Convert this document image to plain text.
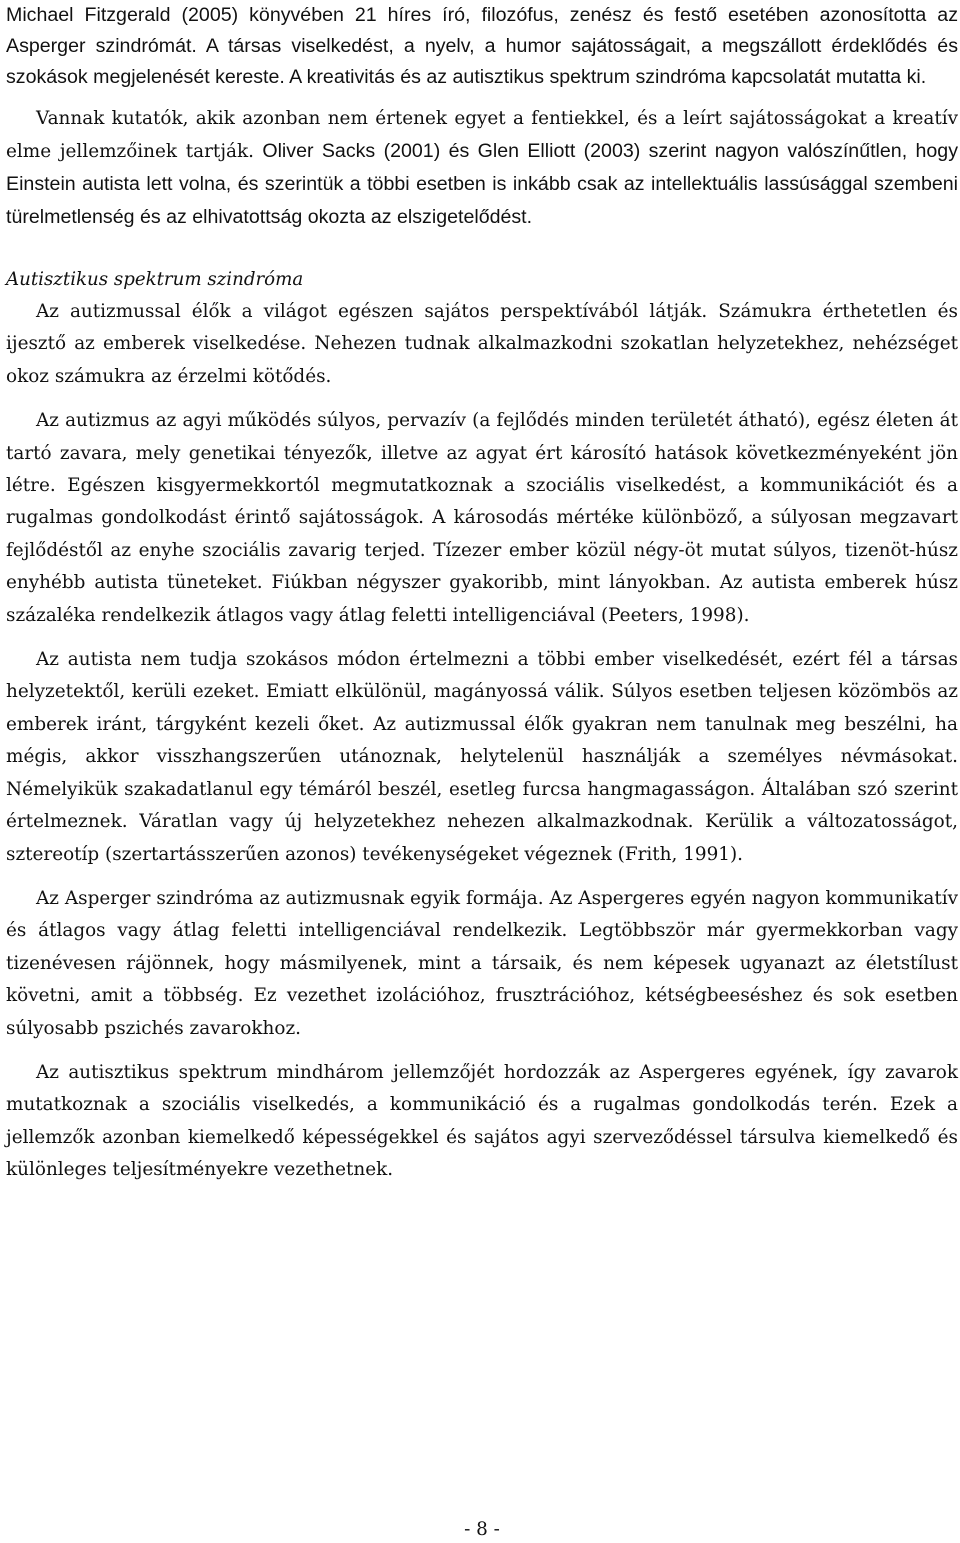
Michael Fitzgerald (2005) könyvében 21 híres író, filozófus, zenész és festő esetében azonosította az Asperger szindrómát. A társas viselkedést, a nyelv, a humor sajátosságait, a megszállott érdeklődés és szokások megjelenését kereste. A kreativitás és az autisztikus spektrum szindróma kapcsolatát mutatta ki.

Vannak kutatók, akik azonban nem értenek egyet a fentiekkel, és a leírt sajátosságokat a kreatív elme jellemzőinek tartják. Oliver Sacks (2001) és Glen Elliott (2003) szerint nagyon valószínűtlen, hogy Einstein autista lett volna, és szerintük a többi esetben is inkább csak az intellektuális lassúsággal szembeni türelmetlenség és az elhivatottság okozta az elszigetelődést.

Autisztikus spektrum szindróma

Az autizmussal élők a világot egészen sajátos perspektívából látják. Számukra érthetetlen és ijesztő az emberek viselkedése. Nehezen tudnak alkalmazkodni szokatlan helyzetekhez, nehézséget okoz számukra az érzelmi kötődés.

Az autizmus az agyi működés súlyos, pervazív (a fejlődés minden területét átható), egész életen át tartó zavara, mely genetikai tényezők, illetve az agyat ért károsító hatások következményeként jön létre. Egészen kisgyermekkortól megmutatkoznak a szociális viselkedést, a kommunikációt és a rugalmas gondolkodást érintő sajátosságok. A károsodás mértéke különböző, a súlyosan megzavart fejlődéstől az enyhe szociális zavarig terjed. Tízezer ember közül négy-öt mutat súlyos, tizenöt-húsz enyhébb autista tüneteket. Fiúkban négyszer gyakoribb, mint lányokban. Az autista emberek húsz százaléka rendelkezik átlagos vagy átlag feletti intelligenciával (Peeters, 1998).

Az autista nem tudja szokásos módon értelmezni a többi ember viselkedését, ezért fél a társas helyzetektől, kerüli ezeket. Emiatt elkülönül, magányossá válik. Súlyos esetben teljesen közömbös az emberek iránt, tárgyként kezeli őket. Az autizmussal élők gyakran nem tanulnak meg beszélni, ha mégis, akkor visszhangszerűen utánoznak, helytelenül használják a személyes névmásokat. Némelyikük szakadatlanul egy témáról beszél, esetleg furcsa hangmagasságon. Általában szó szerint értelmeznek. Váratlan vagy új helyzetekhez nehezen alkalmazkodnak. Kerülik a változatosságot, sztereotíp (szertartásszerűen azonos) tevékenységeket végeznek (Frith, 1991).

Az Asperger szindróma az autizmusnak egyik formája. Az Aspergeres egyén nagyon kommunikatív és átlagos vagy átlag feletti intelligenciával rendelkezik. Legtöbbször már gyermekkorban vagy tizenévesen rájönnek, hogy másmilyenek, mint a társaik, és nem képesek ugyanazt az életstílust követni, amit a többség. Ez vezethet izolációhoz, frusztrációhoz, kétségbeeséshez és sok esetben súlyosabb pszichés zavarokhoz.

Az autisztikus spektrum mindhárom jellemzőjét hordozzák az Aspergeres egyének, így zavarok mutatkoznak a szociális viselkedés, a kommunikáció és a rugalmas gondolkodás terén. Ezek a jellemzők azonban kiemelkedő képességekkel és sajátos agyi szerveződéssel társulva kiemelkedő és különleges teljesítményekre vezethetnek.

- 8 -
